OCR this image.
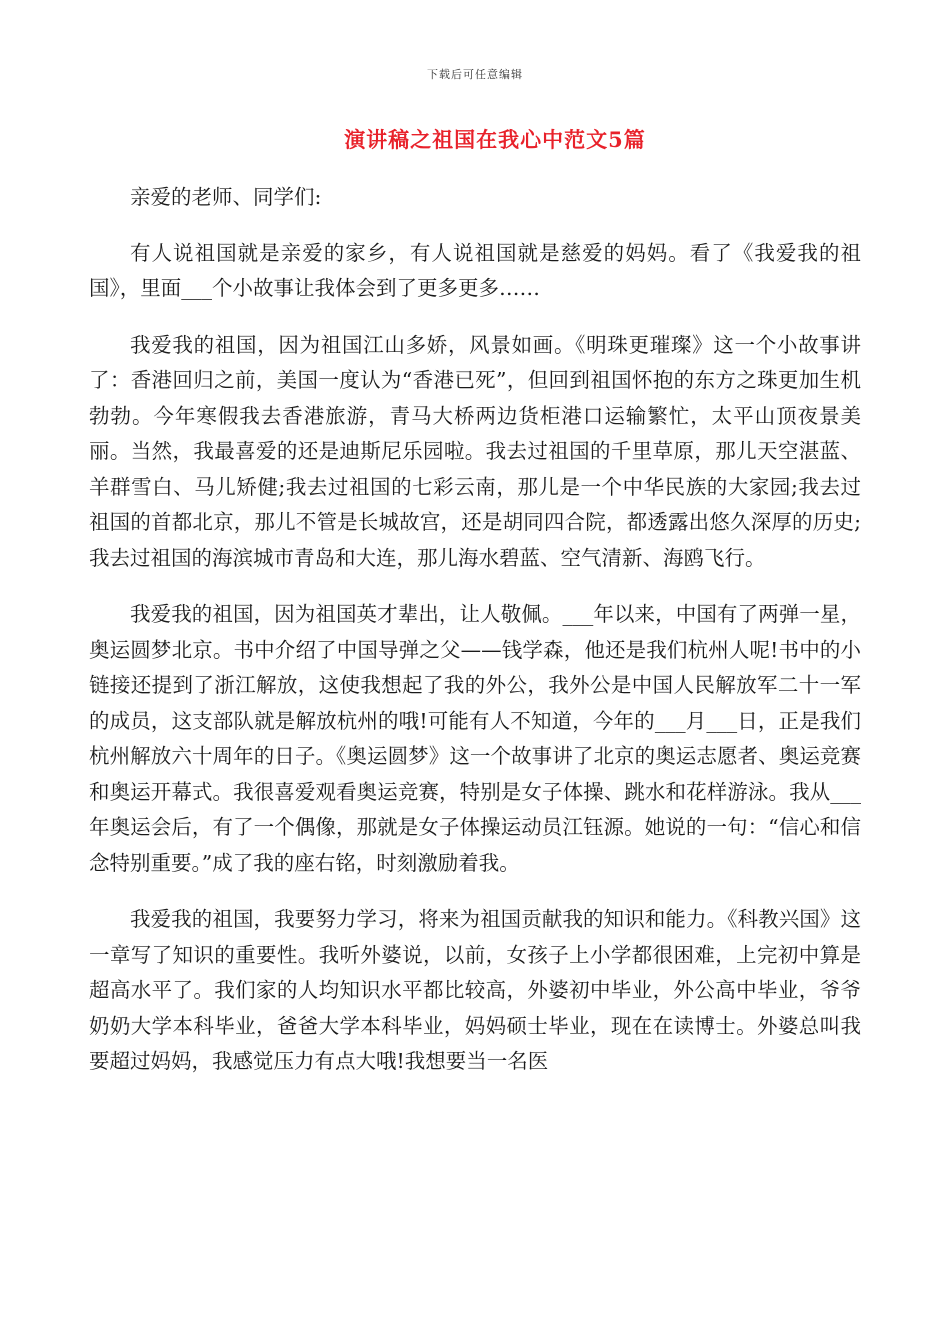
下载后可任意编辑
演讲稿之祖国在我心中范文5篇

亲爱的老师、同学们:

有人说祖国就是亲爱的家乡，有人说祖国就是慈爱的妈妈。看了《我爱我的祖国》，里面___个小故事让我体会到了更多更多……

我爱我的祖国，因为祖国江山多娇，风景如画。《明珠更璀璨》这一个小故事讲了：香港回归之前，美国一度认为“香港已死”，但回到祖国怀抱的东方之珠更加生机勃勃。今年寒假我去香港旅游，青马大桥两边货柜港口运输繁忙，太平山顶夜景美丽。当然，我最喜爱的还是迪斯尼乐园啦。我去过祖国的千里草原，那儿天空湛蓝、羊群雪白、马儿矫健;我去过祖国的七彩云南，那儿是一个中华民族的大家园;我去过祖国的首都北京，那儿不管是长城故宫，还是胡同四合院，都透露出悠久深厚的历史;我去过祖国的海滨城市青岛和大连，那儿海水碧蓝、空气清新、海鸥飞行。

我爱我的祖国，因为祖国英才辈出，让人敬佩。___年以来，中国有了两弹一星，奥运圆梦北京。书中介绍了中国导弹之父——钱学森，他还是我们杭州人呢!书中的小链接还提到了浙江解放，这使我想起了我的外公，我外公是中国人民解放军二十一军的成员，这支部队就是解放杭州的哦!可能有人不知道，今年的___月___日，正是我们杭州解放六十周年的日子。《奥运圆梦》这一个故事讲了北京的奥运志愿者、奥运竞赛和奥运开幕式。我很喜爱观看奥运竞赛，特别是女子体操、跳水和花样游泳。我从___年奥运会后，有了一个偶像，那就是女子体操运动员江钰源。她说的一句：“信心和信念特别重要。”成了我的座右铭，时刻激励着我。

我爱我的祖国，我要努力学习，将来为祖国贡献我的知识和能力。《科教兴国》这一章写了知识的重要性。我听外婆说，以前，女孩子上小学都很困难，上完初中算是超高水平了。我们家的人均知识水平都比较高，外婆初中毕业，外公高中毕业，爷爷奶奶大学本科毕业，爸爸大学本科毕业，妈妈硕士毕业，现在在读博士。外婆总叫我要超过妈妈，我感觉压力有点大哦!我想要当一名医
